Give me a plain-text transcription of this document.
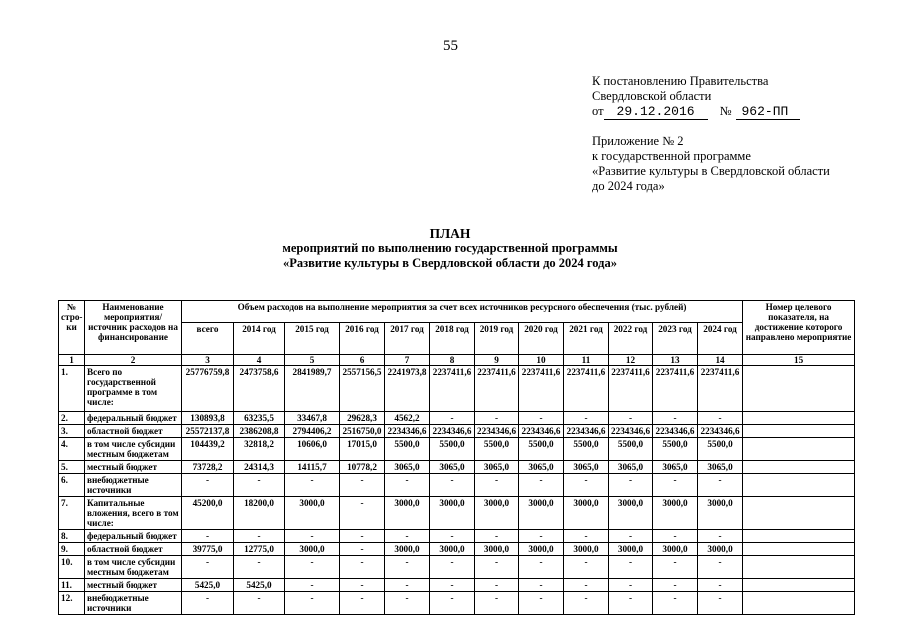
55
К постановлению Правительства
Свердловской области
от 29.12.2016	№ 962-ПП
Приложение № 2
к государственной программе
«Развитие культуры в Свердловской области
до 2024 года»
ПЛАН
мероприятий по выполнению государственной программы
«Развитие культуры в Свердловской области до 2024 года»
№ стро- ки	Наименование мероприятия/ источник расходов на финансирование	Объем расходов на выполнение мероприятия за счет всех источников ресурсного обеспечения (тыс. рублей)												Номер целевого показателя, на достижение которого направлено мероприятие
		всего	2014 год	2015 год	2016 год	2017 год	2018 год	2019 год	2020 год	2021 год	2022 год	2023 год	2024 год	
1	2	3	4	5	6	7	8	9	10	11	12	13	14	15
1.	Всего по государственной программе в том числе:	25776759,8	2473758,6	2841989,7	2557156,5	2241973,8	2237411,6	2237411,6	2237411,6	2237411,6	2237411,6	2237411,6	2237411,6	
2.	федеральный бюджет	130893,8	63235,5	33467,8	29628,3	4562,2	-	-	-	-	-	-	-	
3.	областной бюджет	25572137,8	2386208,8	2794406,2	2516750,0	2234346,6	2234346,6	2234346,6	2234346,6	2234346,6	2234346,6	2234346,6	2234346,6	
4.	в том числе субсидии местным бюджетам	104439,2	32818,2	10606,0	17015,0	5500,0	5500,0	5500,0	5500,0	5500,0	5500,0	5500,0	5500,0	
5.	местный бюджет	73728,2	24314,3	14115,7	10778,2	3065,0	3065,0	3065,0	3065,0	3065,0	3065,0	3065,0	3065,0	
6.	внебюджетные источники	-	-	-	-	-	-	-	-	-	-	-	-	
7.	Капитальные вложения, всего в том числе:	45200,0	18200,0	3000,0	-	3000,0	3000,0	3000,0	3000,0	3000,0	3000,0	3000,0	3000,0	
8.	федеральный бюджет	-	-	-	-	-	-	-	-	-	-	-	-	
9.	областной бюджет	39775,0	12775,0	3000,0	-	3000,0	3000,0	3000,0	3000,0	3000,0	3000,0	3000,0	3000,0	
10.	в том числе субсидии местным бюджетам	-	-	-	-	-	-	-	-	-	-	-	-	
11.	местный бюджет	5425,0	5425,0	-	-	-	-	-	-	-	-	-	-	
12.	внебюджетные источники	-	-	-	-	-	-	-	-	-	-	-	-	
